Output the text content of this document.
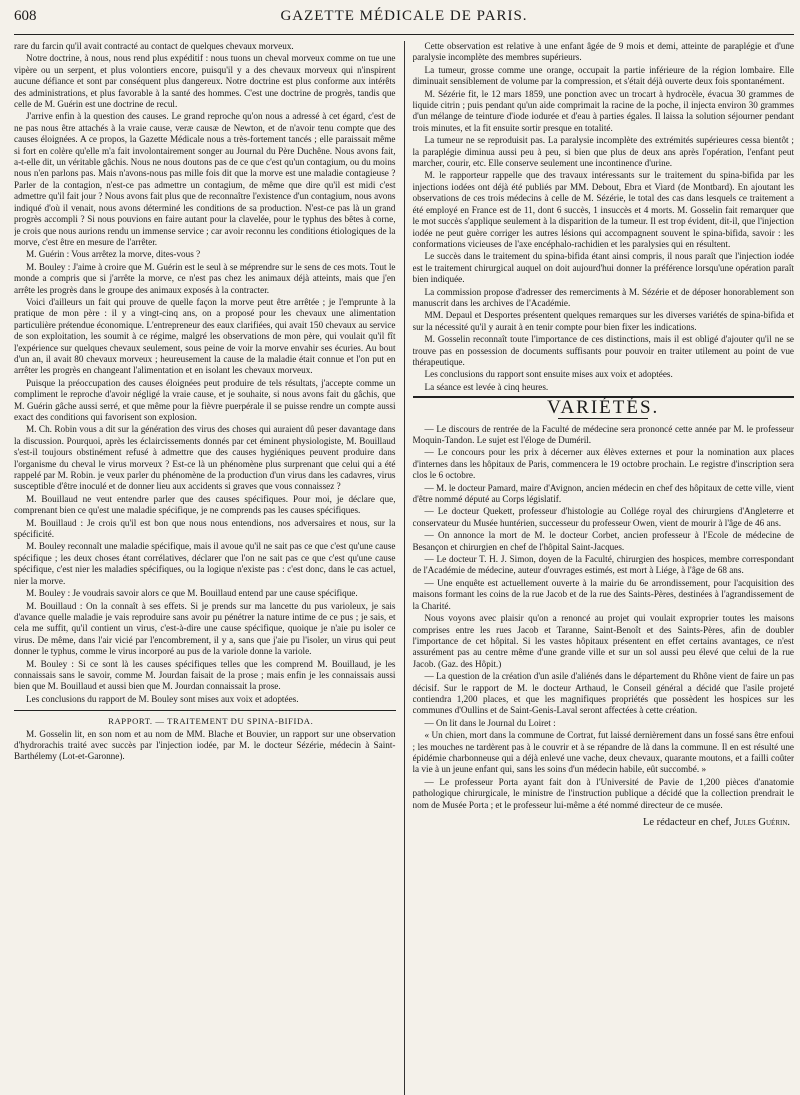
608	GAZETTE MÉDICALE DE PARIS.

rare du farcin qu'il avait contracté au contact de quelques chevaux morveux.

Notre doctrine, à nous, nous rend plus expéditif : nous tuons un cheval morveux comme on tue une vipère ou un serpent, et plus volontiers encore, puisqu'il y a des chevaux morveux qui n'inspirent aucune défiance et sont par conséquent plus dangereux. Notre doctrine est plus conforme aux intérêts des administrations, et plus favorable à la santé des hommes. C'est une doctrine de progrès, tandis que celle de M. Guérin est une doctrine de recul.

J'arrive enfin à la question des causes. Le grand reproche qu'on nous a adressé à cet égard, c'est de ne pas nous être attachés à la vraie cause, veræ causæ de Newton, et de n'avoir tenu compte que des causes éloignées. A ce propos, la Gazette Médicale nous a très-fortement tancés ; elle paraissait même si fort en colère qu'elle m'a fait involontairement songer au Journal du Père Duchêne. Nous avons fait, a-t-elle dit, un véritable gâchis. Nous ne nous doutons pas de ce que c'est qu'un contagium, ou du moins nous n'en parlons pas. Mais n'avons-nous pas mille fois dit que la morve est une maladie contagieuse ? Parler de la contagion, n'est-ce pas admettre un contagium, de même que dire qu'il est midi c'est admettre qu'il fait jour ? Nous avons fait plus que de reconnaître l'existence d'un contagium, nous avons indiqué d'où il venait, nous avons déterminé les conditions de sa production. N'est-ce pas là un grand progrès accompli ? Si nous pouvions en faire autant pour la clavelée, pour le typhus des bêtes à corne, je crois que nous aurions rendu un immense service ; car avoir reconnu les conditions étiologiques de la morve, c'est être en mesure de l'arrêter.

M. Guérin : Vous arrêtez la morve, dites-vous ?

M. Bouley : J'aime à croire que M. Guérin est le seul à se méprendre sur le sens de ces mots. Tout le monde a compris que si j'arrête la morve, ce n'est pas chez les animaux déjà atteints, mais que j'en arrête les progrès dans le groupe des animaux exposés à la contracter.

Voici d'ailleurs un fait qui prouve de quelle façon la morve peut être arrêtée ; je l'emprunte à la pratique de mon père : il y a vingt-cinq ans, on a proposé pour les chevaux une alimentation particulière prétendue économique. L'entrepreneur des eaux clarifiées, qui avait 150 chevaux au service de son exploitation, les soumit à ce régime, malgré les observations de mon père, qui voulait qu'il fît l'expérience sur quelques chevaux seulement, sous peine de voir la morve envahir ses écuries. Au bout d'un an, il avait 80 chevaux morveux ; heureusement la cause de la maladie était connue et l'on put en arrêter les progrès en changeant l'alimentation et en isolant les chevaux morveux.

Puisque la préoccupation des causes éloignées peut produire de tels résultats, j'accepte comme un compliment le reproche d'avoir négligé la vraie cause, et je souhaite, si nous avons fait du gâchis, que M. Guérin gâche aussi serré, et que même pour la fièvre puerpérale il se puisse rendre un compte aussi exact des conditions qui favorisent son explosion.

M. Ch. Robin vous a dit sur la génération des virus des choses qui auraient dû peser davantage dans la discussion. Pourquoi, après les éclaircissements donnés par cet éminent physiologiste, M. Bouillaud s'est-il toujours obstinément refusé à admettre que des causes hygiéniques peuvent produire dans l'organisme du cheval le virus morveux ? Est-ce là un phénomène plus surprenant que celui qui a été rappelé par M. Robin. je veux parler du phénomène de la production d'un virus dans les cadavres, virus susceptible d'être inoculé et de donner lieu aux accidents si graves que vous connaissez ?

M. Bouillaud ne veut entendre parler que des causes spécifiques. Pour moi, je déclare que, comprenant bien ce qu'est une maladie spécifique, je ne comprends pas les causes spécifiques.

M. Bouillaud : Je crois qu'il est bon que nous nous entendions, nos adversaires et nous, sur la spécificité.

M. Bouley reconnaît une maladie spécifique, mais il avoue qu'il ne sait pas ce que c'est qu'une cause spécifique ; les deux choses étant corrélatives, déclarer que l'on ne sait pas ce que c'est qu'une cause spécifique, c'est nier les maladies spécifiques, ou la logique n'existe pas : c'est donc, dans le cas actuel, nier la morve.

M. Bouley : Je voudrais savoir alors ce que M. Bouillaud entend par une cause spécifique.

M. Bouillaud : On la connaît à ses effets. Si je prends sur ma lancette du pus varioleux, je sais d'avance quelle maladie je vais reproduire sans avoir pu pénétrer la nature intime de ce pus ; je sais, et cela me suffit, qu'il contient un virus, c'est-à-dire une cause spécifique, quoique je n'aie pu isoler ce virus. De même, dans l'air vicié par l'encombrement, il y a, sans que j'aie pu l'isoler, un virus qui peut donner le typhus, comme le virus incorporé au pus de la variole donne la variole.

M. Bouley : Si ce sont là les causes spécifiques telles que les comprend M. Bouillaud, je les connaissais sans le savoir, comme M. Jourdan faisait de la prose ; mais enfin je les connaissais aussi bien que M. Bouillaud et aussi bien que M. Jourdan connaissait la prose.

Les conclusions du rapport de M. Bouley sont mises aux voix et adoptées.

RAPPORT. — TRAITEMENT DU SPINA-BIFIDA.

M. Gosselin lit, en son nom et au nom de MM. Blache et Bouvier, un rapport sur une observation d'hydrorachis traité avec succès par l'injection iodée, par M. le docteur Sézérie, médecin à Saint-Barthélemy (Lot-et-Garonne).

Cette observation est relative à une enfant âgée de 9 mois et demi, atteinte de paraplégie et d'une paralysie incomplète des membres supérieurs.

La tumeur, grosse comme une orange, occupait la partie inférieure de la région lombaire. Elle diminuait sensiblement de volume par la compression, et s'était déjà ouverte deux fois spontanément.

M. Sézérie fit, le 12 mars 1859, une ponction avec un trocart à hydrocèle, évacua 30 grammes de liquide citrin ; puis pendant qu'un aide comprimait la racine de la poche, il injecta environ 30 grammes d'un mélange de teinture d'iode iodurée et d'eau à parties égales. Il laissa la solution séjourner pendant trois minutes, et la fit ensuite sortir presque en totalité.

La tumeur ne se reproduisit pas. La paralysie incomplète des extrémités supérieures cessa bientôt ; la paraplégie diminua aussi peu à peu, si bien que plus de deux ans après l'opération, l'enfant peut marcher, courir, etc. Elle conserve seulement une incontinence d'urine.

M. le rapporteur rappelle que des travaux intéressants sur le traitement du spina-bifida par les injections iodées ont déjà été publiés par MM. Debout, Ebra et Viard (de Montbard). En ajoutant les observations de ces trois médecins à celle de M. Sézérie, le total des cas dans lesquels ce traitement a été employé en France est de 11, dont 6 succès, 1 insuccès et 4 morts. M. Gosselin fait remarquer que le mot succès s'applique seulement à la disparition de la tumeur. Il est trop évident, dit-il, que l'injection iodée ne peut guère corriger les autres lésions qui accompagnent souvent le spina-bifida, savoir : les conformations vicieuses de l'axe encéphalo-rachidien et les paralysies qui en résultent.

Le succès dans le traitement du spina-bifida étant ainsi compris, il nous paraît que l'injection iodée est le traitement chirurgical auquel on doit aujourd'hui donner la préférence lorsqu'une opération paraît bien indiquée.

La commission propose d'adresser des remerciments à M. Sézérie et de déposer honorablement son manuscrit dans les archives de l'Académie.

MM. Depaul et Desportes présentent quelques remarques sur les diverses variétés de spina-bifida et sur la nécessité qu'il y aurait à en tenir compte pour bien fixer les indications.

M. Gosselin reconnaît toute l'importance de ces distinctions, mais il est obligé d'ajouter qu'il ne se trouve pas en possession de documents suffisants pour pouvoir en traiter utilement au point de vue thérapeutique.

Les conclusions du rapport sont ensuite mises aux voix et adoptées.

La séance est levée à cinq heures.

VARIÉTÉS.

— Le discours de rentrée de la Faculté de médecine sera prononcé cette année par M. le professeur Moquin-Tandon. Le sujet est l'éloge de Duméril.

— Le concours pour les prix à décerner aux élèves externes et pour la nomination aux places d'internes dans les hôpitaux de Paris, commencera le 19 octobre prochain. Le registre d'inscription sera clos le 6 octobre.

— M. le docteur Pamard, maire d'Avignon, ancien médecin en chef des hôpitaux de cette ville, vient d'être nommé député au Corps législatif.

— Le docteur Quekett, professeur d'histologie au Collége royal des chirurgiens d'Angleterre et conservateur du Musée huntérien, successeur du professeur Owen, vient de mourir à l'âge de 46 ans.

— On annonce la mort de M. le docteur Corbet, ancien professeur à l'Ecole de médecine de Besançon et chirurgien en chef de l'hôpital Saint-Jacques.

— Le docteur T. H. J. Simon, doyen de la Faculté, chirurgien des hospices, membre correspondant de l'Académie de médecine, auteur d'ouvrages estimés, est mort à Liége, à l'âge de 68 ans.

— Une enquête est actuellement ouverte à la mairie du 6e arrondissement, pour l'acquisition des maisons formant les coins de la rue Jacob et de la rue des Saints-Pères, destinées à l'agrandissement de la Charité.

Nous voyons avec plaisir qu'on a renoncé au projet qui voulait exproprier toutes les maisons comprises entre les rues Jacob et Taranne, Saint-Benoît et des Saints-Pères, afin de doubler l'importance de cet hôpital. Si les vastes hôpitaux présentent en effet certains avantages, ce n'est assurément pas au centre même d'une grande ville et sur un sol aussi peu élevé que celui de la rue Jacob. (Gaz. des Hôpit.)

— La question de la création d'un asile d'aliénés dans le département du Rhône vient de faire un pas décisif. Sur le rapport de M. le docteur Arthaud, le Conseil général a décidé que l'asile projeté contiendra 1,200 places, et que les magnifiques propriétés que possèdent les hospices sur les communes d'Oullins et de Saint-Genis-Laval seront affectées à cette création.

— On lit dans le Journal du Loiret :

« Un chien, mort dans la commune de Cortrat, fut laissé dernièrement dans un fossé sans être enfoui ; les mouches ne tardèrent pas à le couvrir et à se répandre de là dans la commune. Il en est résulté une épidémie charbonneuse qui a déjà enlevé une vache, deux chevaux, quarante moutons, et a failli coûter la vie à un jeune enfant qui, sans les soins d'un médecin habile, eût succombé. »

— Le professeur Porta ayant fait don à l'Université de Pavie de 1,200 pièces d'anatomie pathologique chirurgicale, le ministre de l'instruction publique a décidé que la collection prendrait le nom de Musée Porta ; et le professeur lui-même a été nommé directeur de ce musée.

Le rédacteur en chef, Jules Guérin.
